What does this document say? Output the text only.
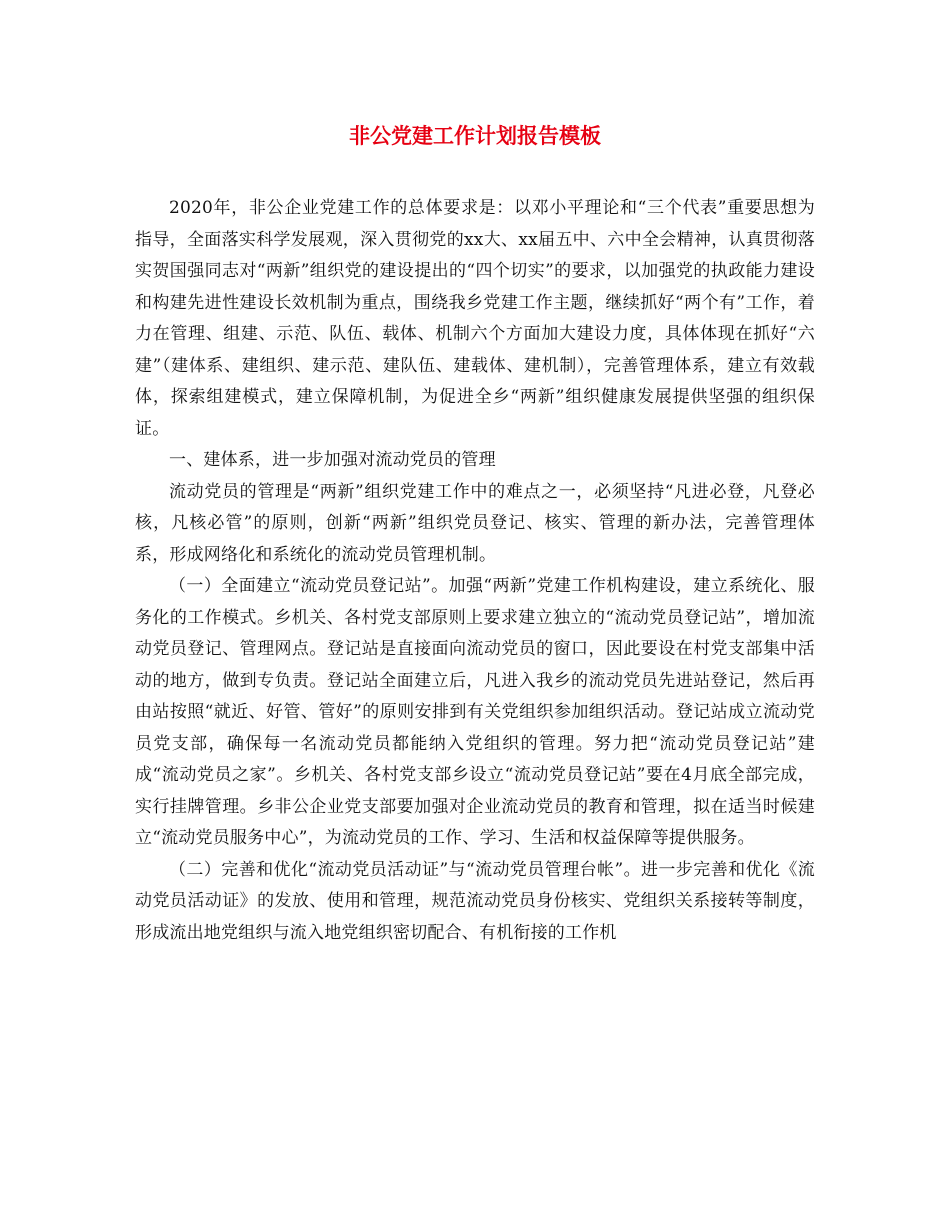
非公党建工作计划报告模板

2020年，非公企业党建工作的总体要求是：以邓小平理论和“三个代表”重要思想为指导，全面落实科学发展观，深入贯彻党的xx大、xx届五中、六中全会精神，认真贯彻落实贺国强同志对“两新”组织党的建设提出的“四个切实”的要求，以加强党的执政能力建设和构建先进性建设长效机制为重点，围绕我乡党建工作主题，继续抓好“两个有”工作，着力在管理、组建、示范、队伍、载体、机制六个方面加大建设力度，具体体现在抓好“六建”（建体系、建组织、建示范、建队伍、建载体、建机制），完善管理体系，建立有效载体，探索组建模式，建立保障机制，为促进全乡“两新”组织健康发展提供坚强的组织保证。

一、建体系，进一步加强对流动党员的管理

流动党员的管理是“两新”组织党建工作中的难点之一，必须坚持“凡进必登，凡登必核，凡核必管”的原则，创新“两新”组织党员登记、核实、管理的新办法，完善管理体系，形成网络化和系统化的流动党员管理机制。

（一）全面建立“流动党员登记站”。加强“两新”党建工作机构建设，建立系统化、服务化的工作模式。乡机关、各村党支部原则上要求建立独立的“流动党员登记站”，增加流动党员登记、管理网点。登记站是直接面向流动党员的窗口，因此要设在村党支部集中活动的地方，做到专负责。登记站全面建立后，凡进入我乡的流动党员先进站登记，然后再由站按照“就近、好管、管好”的原则安排到有关党组织参加组织活动。登记站成立流动党员党支部，确保每一名流动党员都能纳入党组织的管理。努力把“流动党员登记站”建成“流动党员之家”。乡机关、各村党支部乡设立“流动党员登记站”要在4月底全部完成，实行挂牌管理。乡非公企业党支部要加强对企业流动党员的教育和管理，拟在适当时候建立“流动党员服务中心”，为流动党员的工作、学习、生活和权益保障等提供服务。

（二）完善和优化“流动党员活动证”与“流动党员管理台帐”。进一步完善和优化《流动党员活动证》的发放、使用和管理，规范流动党员身份核实、党组织关系接转等制度，形成流出地党组织与流入地党组织密切配合、有机衔接的工作机
